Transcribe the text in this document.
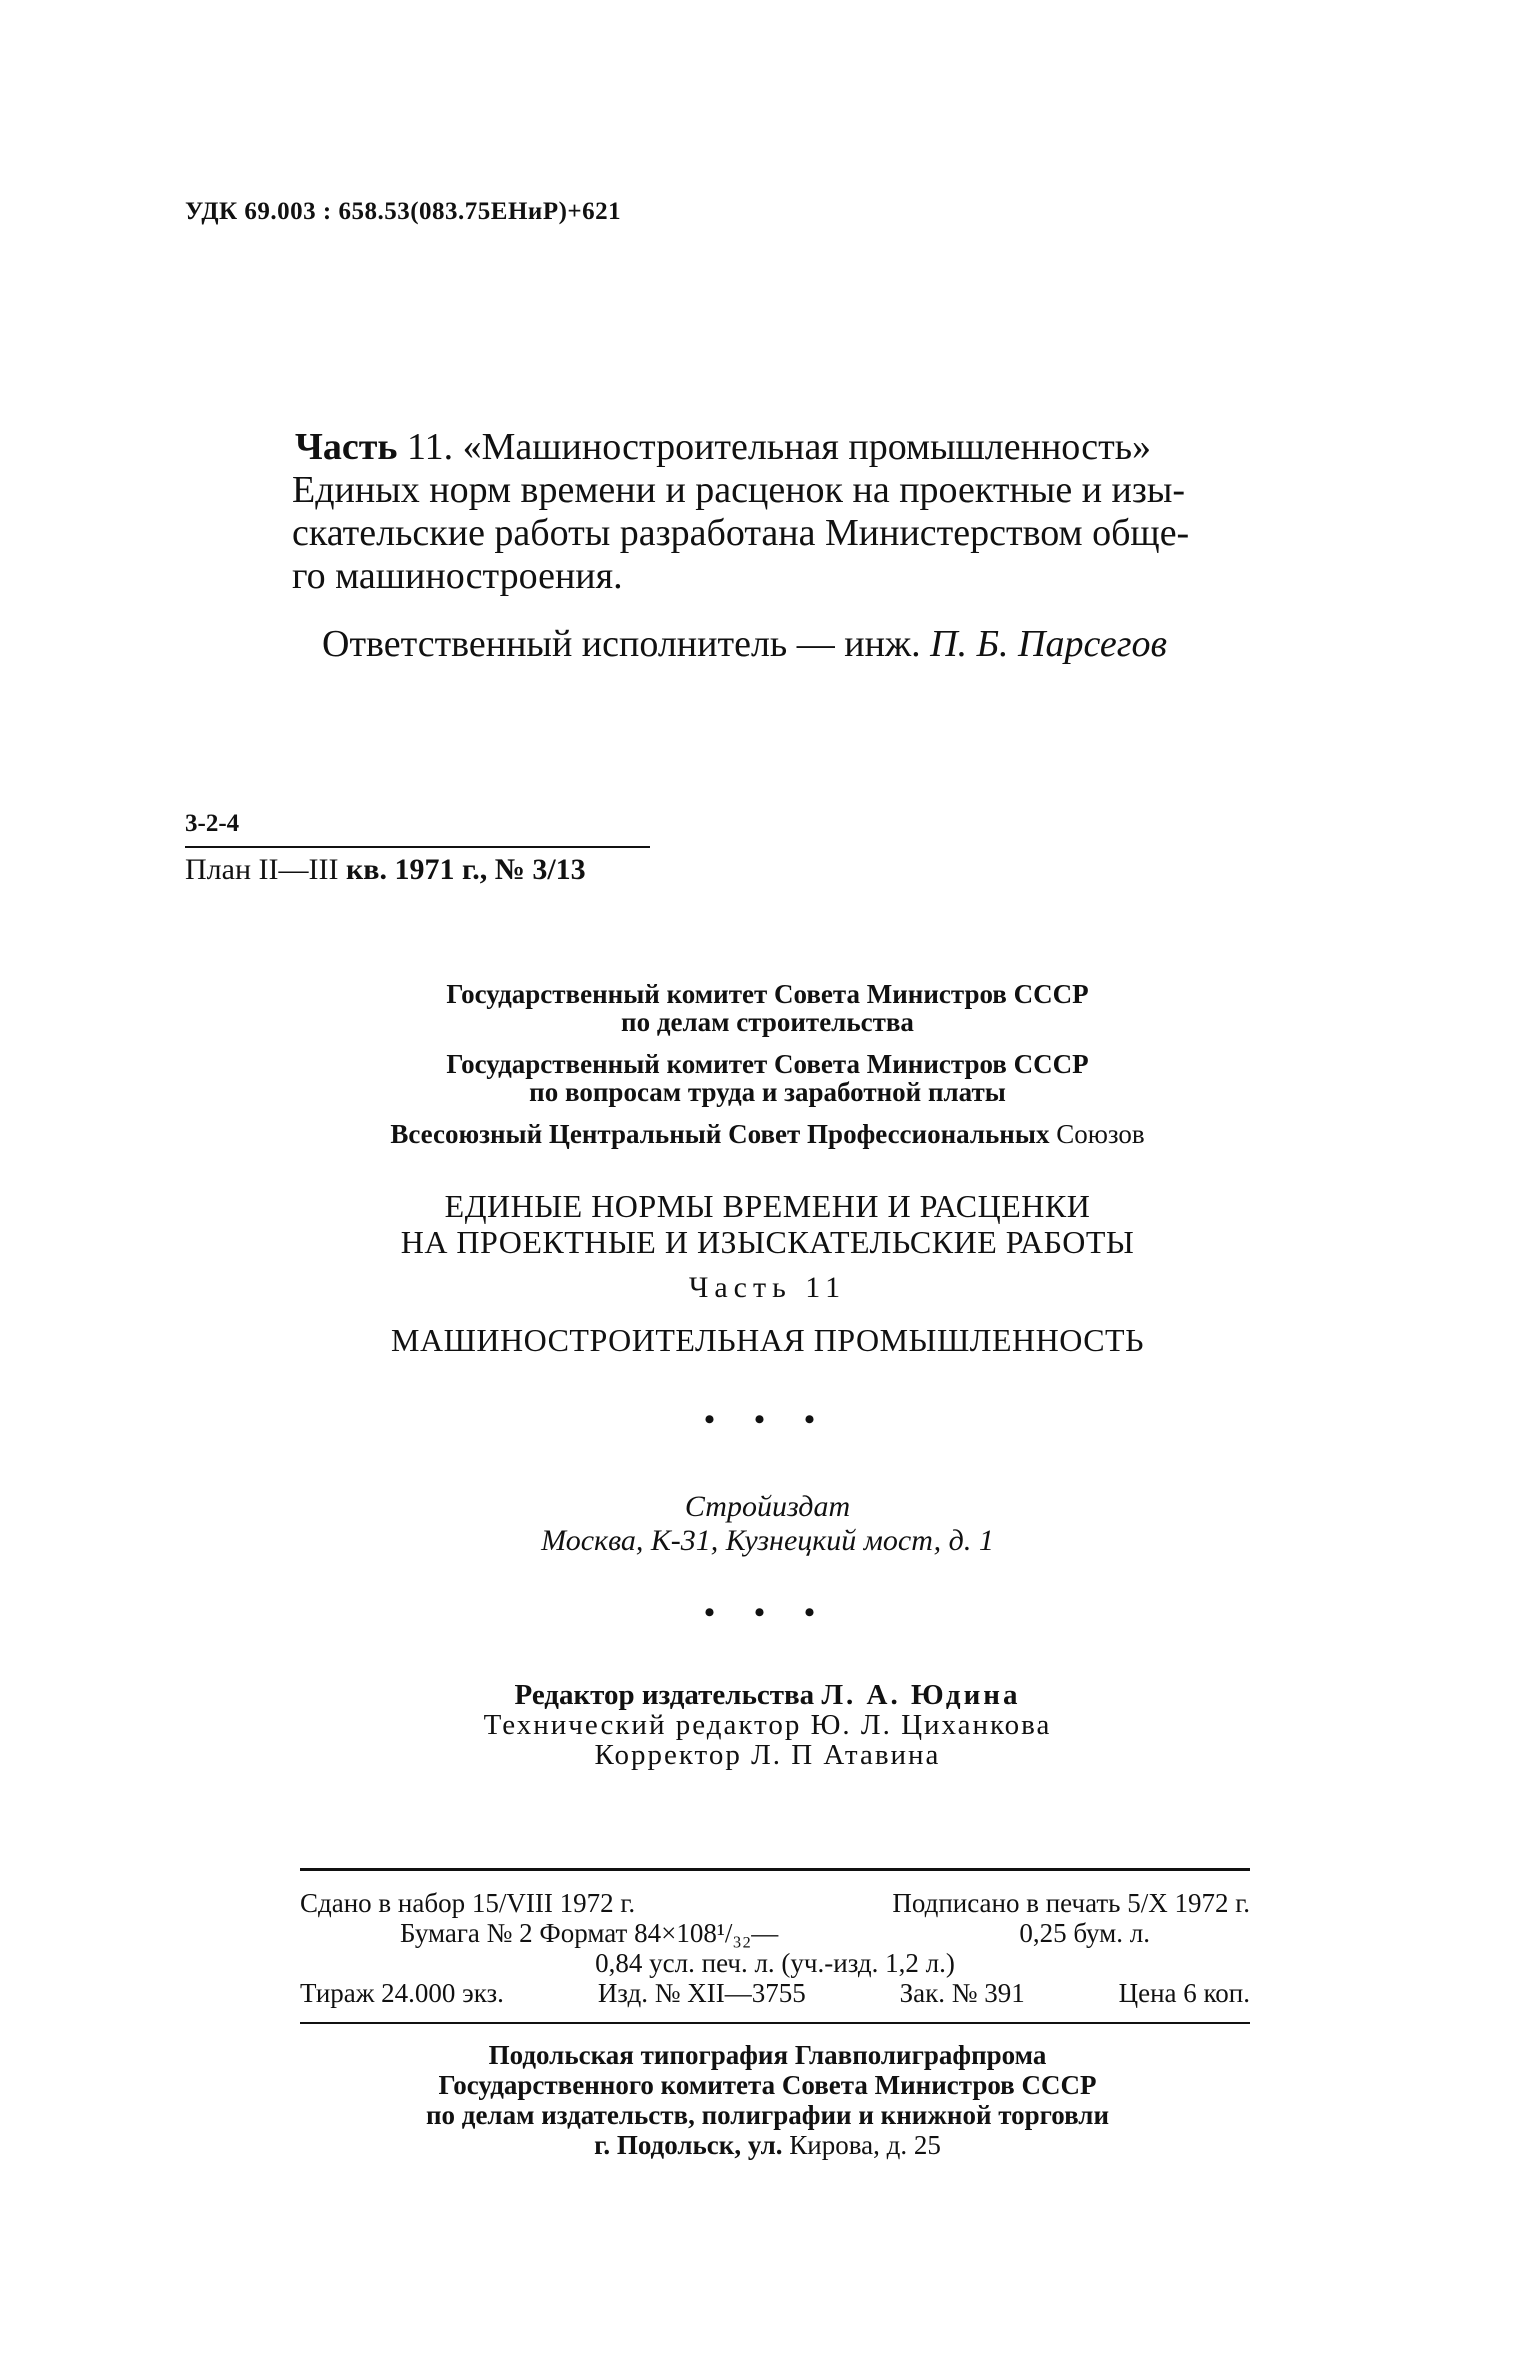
УДК 69.003 : 658.53(083.75ЕНиР)+621
Часть 11. «Машиностроительная промышленность»
Единых норм времени и расценок на проектные и изы-
скательские работы разработана Министерством обще-
го машиностроения.
Ответственный исполнитель — инж. П. Б. Парсегов
3-2-4
План II—III кв. 1971 г., № 3/13
Государственный комитет Совета Министров СССР
по делам строительства
Государственный комитет Совета Министров СССР
по вопросам труда и заработной платы
Всесоюзный Центральный Совет Профессиональных Союзов
ЕДИНЫЕ НОРМЫ ВРЕМЕНИ И РАСЦЕНКИ
НА ПРОЕКТНЫЕ И ИЗЫСКАТЕЛЬСКИЕ РАБОТЫ
Часть 11
МАШИНОСТРОИТЕЛЬНАЯ ПРОМЫШЛЕННОСТЬ
• • •
Стройиздат
Москва, К-31, Кузнецкий мост, д. 1
• • •
Редактор издательства Л. А. Юдина
Технический редактор Ю. Л. Циханкова
Корректор Л. П Атавина
Сдано в набор 15/VIII 1972 г.	Подписано в печать 5/X 1972 г.
Бумага № 2 Формат 84×108¹/₃₂—	0,25 бум. л.
0,84 усл. печ. л. (уч.-изд. 1,2 л.)
Тираж 24.000 экз.	Изд. № XII—3755	Зак. № 391	Цена 6 коп.
Подольская типография Главполиграфпрома
Государственного комитета Совета Министров СССР
по делам издательств, полиграфии и книжной торговли
г. Подольск, ул. Кирова, д. 25
